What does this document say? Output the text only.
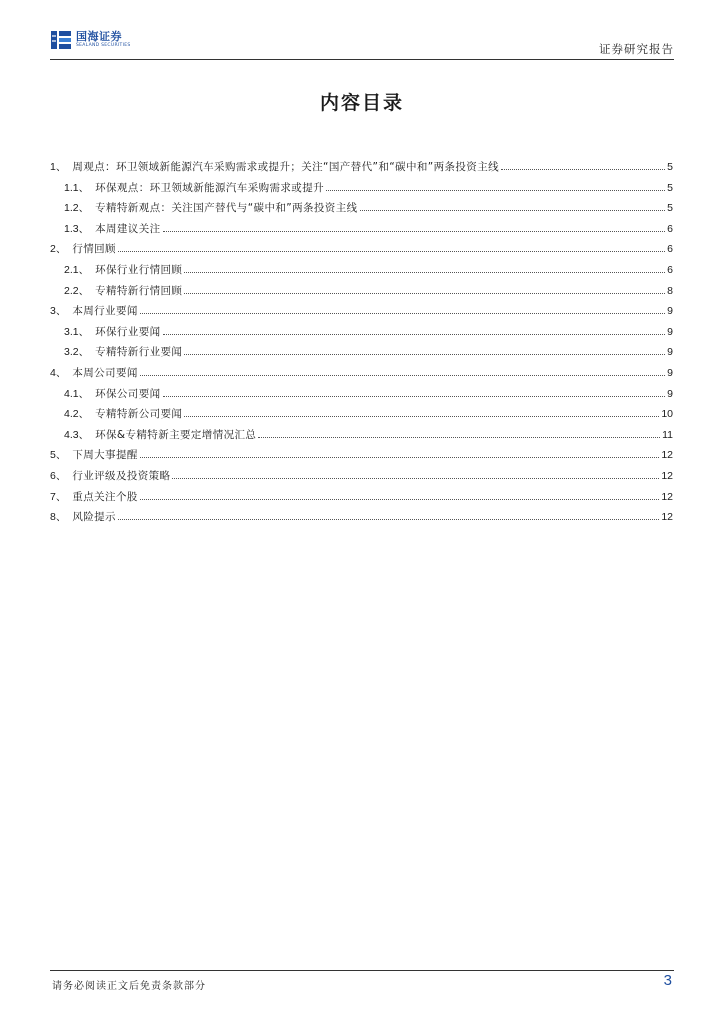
国海证券
SEALAND SECURITIES	证券研究报告
内容目录
1、 周观点：环卫领域新能源汽车采购需求或提升；关注“国产替代”和“碳中和”两条投资主线	5
1.1、 环保观点：环卫领域新能源汽车采购需求或提升	5
1.2、 专精特新观点：关注国产替代与“碳中和”两条投资主线	5
1.3、 本周建议关注	6
2、 行情回顾	6
2.1、 环保行业行情回顾	6
2.2、 专精特新行情回顾	8
3、 本周行业要闻	9
3.1、 环保行业要闻	9
3.2、 专精特新行业要闻	9
4、 本周公司要闻	9
4.1、 环保公司要闻	9
4.2、 专精特新公司要闻	10
4.3、 环保&专精特新主要定增情况汇总	11
5、 下周大事提醒	12
6、 行业评级及投资策略	12
7、 重点关注个股	12
8、 风险提示	12
请务必阅读正文后免责条款部分	3
